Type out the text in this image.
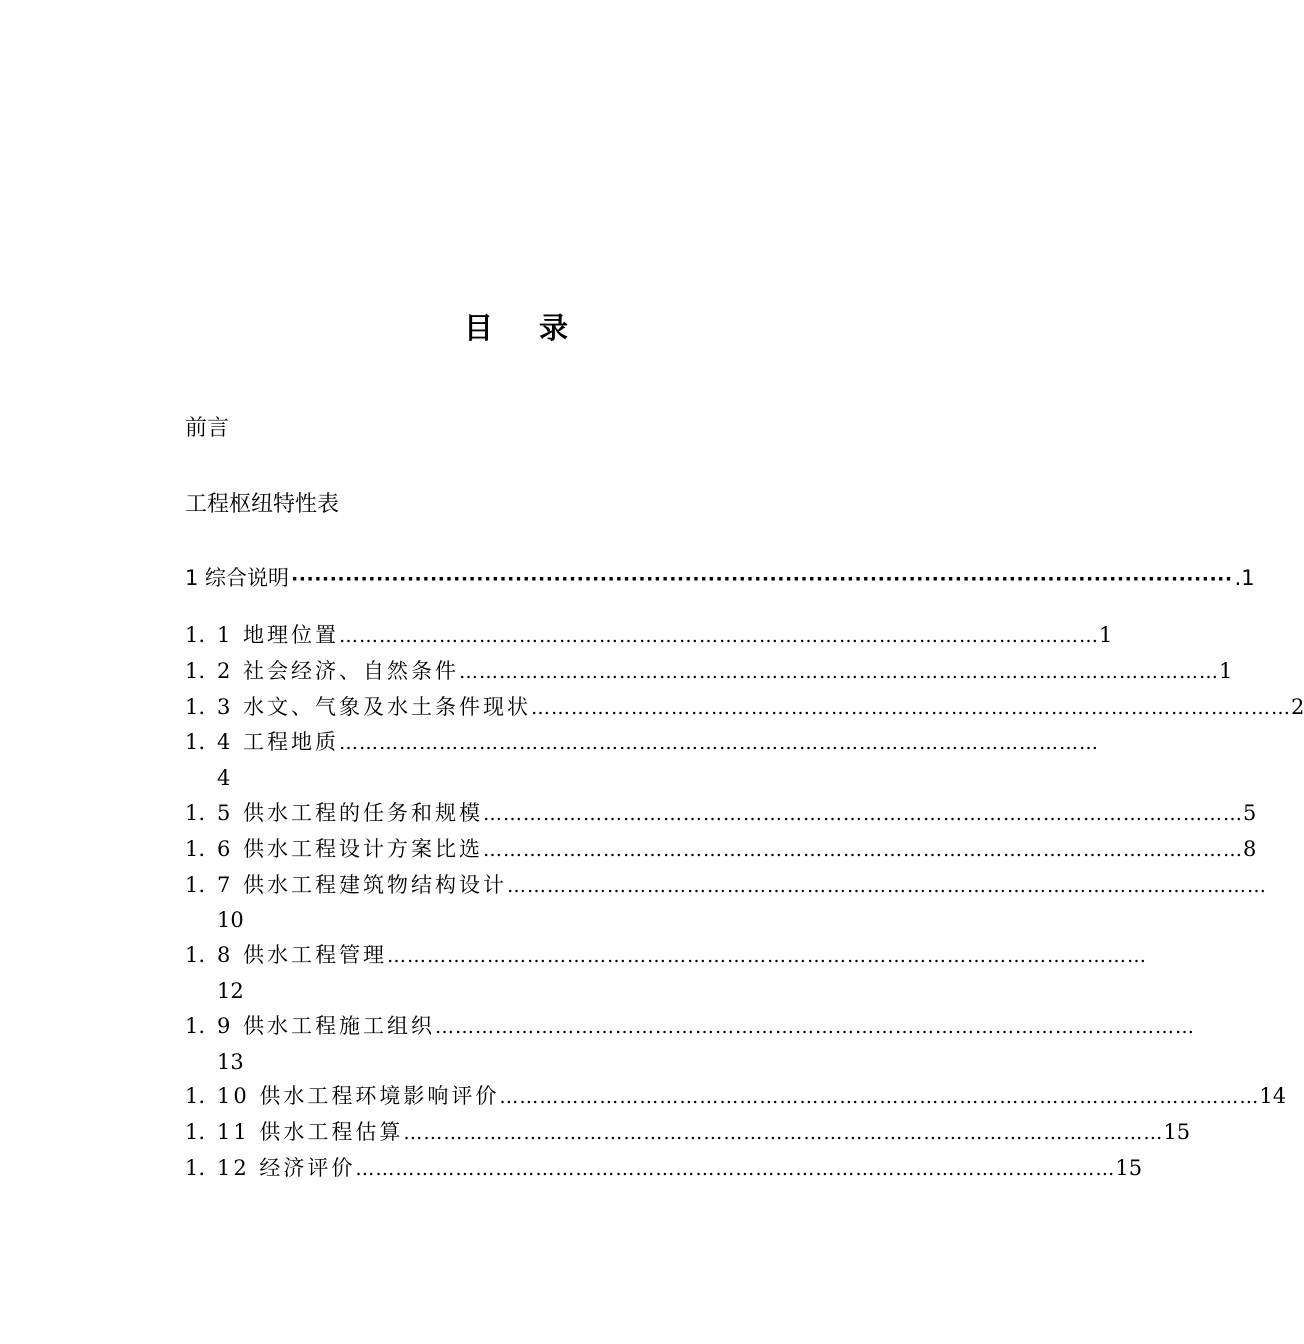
目 录
前言
工程枢纽特性表
1 综合说明 ·························································································································· .1
1. 1 地理位置 …………………………………………………………………………………………………… 1
1. 2 社会经济、自然条件 …………………………………………………………………………………………………… 1
1. 3 水文、气象及水土条件现状 …………………………………………………………………………………………………… 2
1. 4 工程地质 ……………………………………………………………………………………………………
4
1. 5 供水工程的任务和规模 …………………………………………………………………………………………………… 5
1. 6 供水工程设计方案比选 …………………………………………………………………………………………………… 8
1. 7 供水工程建筑物结构设计 ……………………………………………………………………………………………………
10
1. 8 供水工程管理 ……………………………………………………………………………………………………
12
1. 9 供水工程施工组织 ……………………………………………………………………………………………………
13
1. 10 供水工程环境影响评价 …………………………………………………………………………………………………… 14
1. 11 供水工程估算 …………………………………………………………………………………………………… 15
1. 12 经济评价 …………………………………………………………………………………………………… 15
